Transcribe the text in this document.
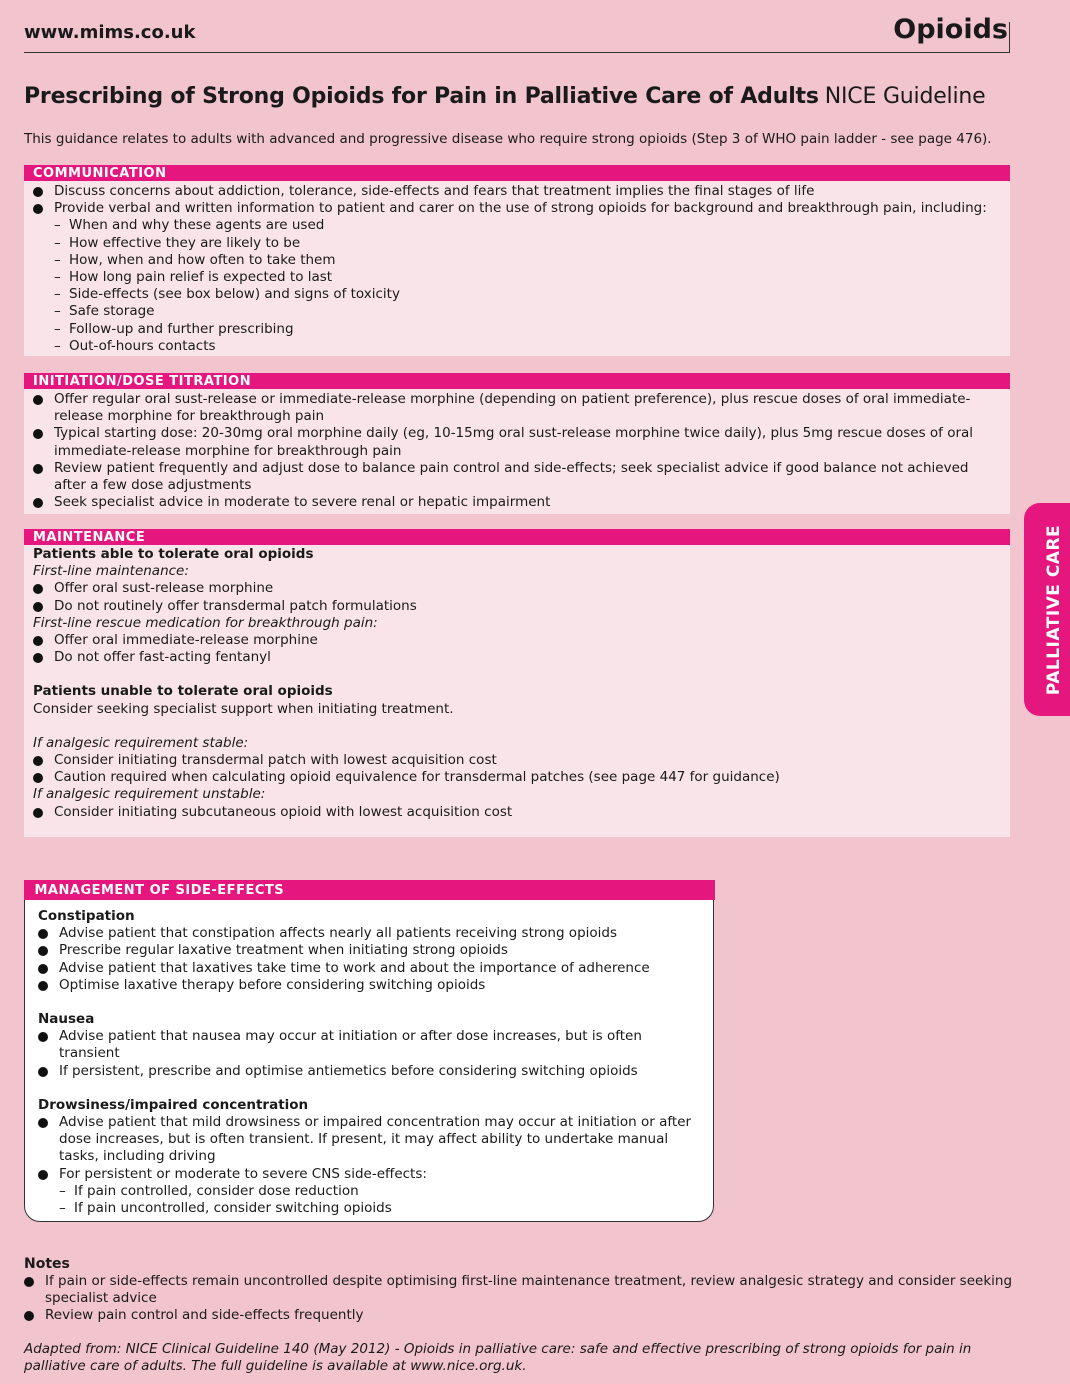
www.mims.co.uk	Opioids
Prescribing of Strong Opioids for Pain in Palliative Care of Adults NICE Guideline
This guidance relates to adults with advanced and progressive disease who require strong opioids (Step 3 of WHO pain ladder - see page 476).
Discuss concerns about addiction, tolerance, side-effects and fears that treatment implies the final stages of life
Provide verbal and written information to patient and carer on the use of strong opioids for background and breakthrough pain, including:
– When and why these agents are used
– How effective they are likely to be
– How, when and how often to take them
– How long pain relief is expected to last
– Side-effects (see box below) and signs of toxicity
– Safe storage
– Follow-up and further prescribing
– Out-of-hours contacts
COMMUNICATION
Offer regular oral sust-release or immediate-release morphine (depending on patient preference), plus rescue doses of oral immediate-release morphine for breakthrough pain
Typical starting dose: 20-30mg oral morphine daily (eg, 10-15mg oral sust-release morphine twice daily), plus 5mg rescue doses of oral immediate-release morphine for breakthrough pain
Review patient frequently and adjust dose to balance pain control and side-effects; seek specialist advice if good balance not achieved after a few dose adjustments
Seek specialist advice in moderate to severe renal or hepatic impairment
INITIATION/DOSE TITRATION
Patients able to tolerate oral opioids
First-line maintenance:
Offer oral sust-release morphine
Do not routinely offer transdermal patch formulations
First-line rescue medication for breakthrough pain:
Offer oral immediate-release morphine
Do not offer fast-acting fentanyl
Patients unable to tolerate oral opioids
Consider seeking specialist support when initiating treatment.
If analgesic requirement stable:
Consider initiating transdermal patch with lowest acquisition cost
Caution required when calculating opioid equivalence for transdermal patches (see page 447 for guidance)
If analgesic requirement unstable:
Consider initiating subcutaneous opioid with lowest acquisition cost
MAINTENANCE
MANAGEMENT OF SIDE-EFFECTS
Constipation
Advise patient that constipation affects nearly all patients receiving strong opioids
Prescribe regular laxative treatment when initiating strong opioids
Advise patient that laxatives take time to work and about the importance of adherence
Optimise laxative therapy before considering switching opioids
Nausea
Advise patient that nausea may occur at initiation or after dose increases, but is often transient
If persistent, prescribe and optimise antiemetics before considering switching opioids
Drowsiness/impaired concentration
Advise patient that mild drowsiness or impaired concentration may occur at initiation or after dose increases, but is often transient. If present, it may affect ability to undertake manual tasks, including driving
For persistent or moderate to severe CNS side-effects:
– If pain controlled, consider dose reduction
– If pain uncontrolled, consider switching opioids
PALLIATIVE CARE
Notes
If pain or side-effects remain uncontrolled despite optimising first-line maintenance treatment, review analgesic strategy and consider seeking specialist advice
Review pain control and side-effects frequently
Adapted from: NICE Clinical Guideline 140 (May 2012) - Opioids in palliative care: safe and effective prescribing of strong opioids for pain in palliative care of adults. The full guideline is available at www.nice.org.uk.
